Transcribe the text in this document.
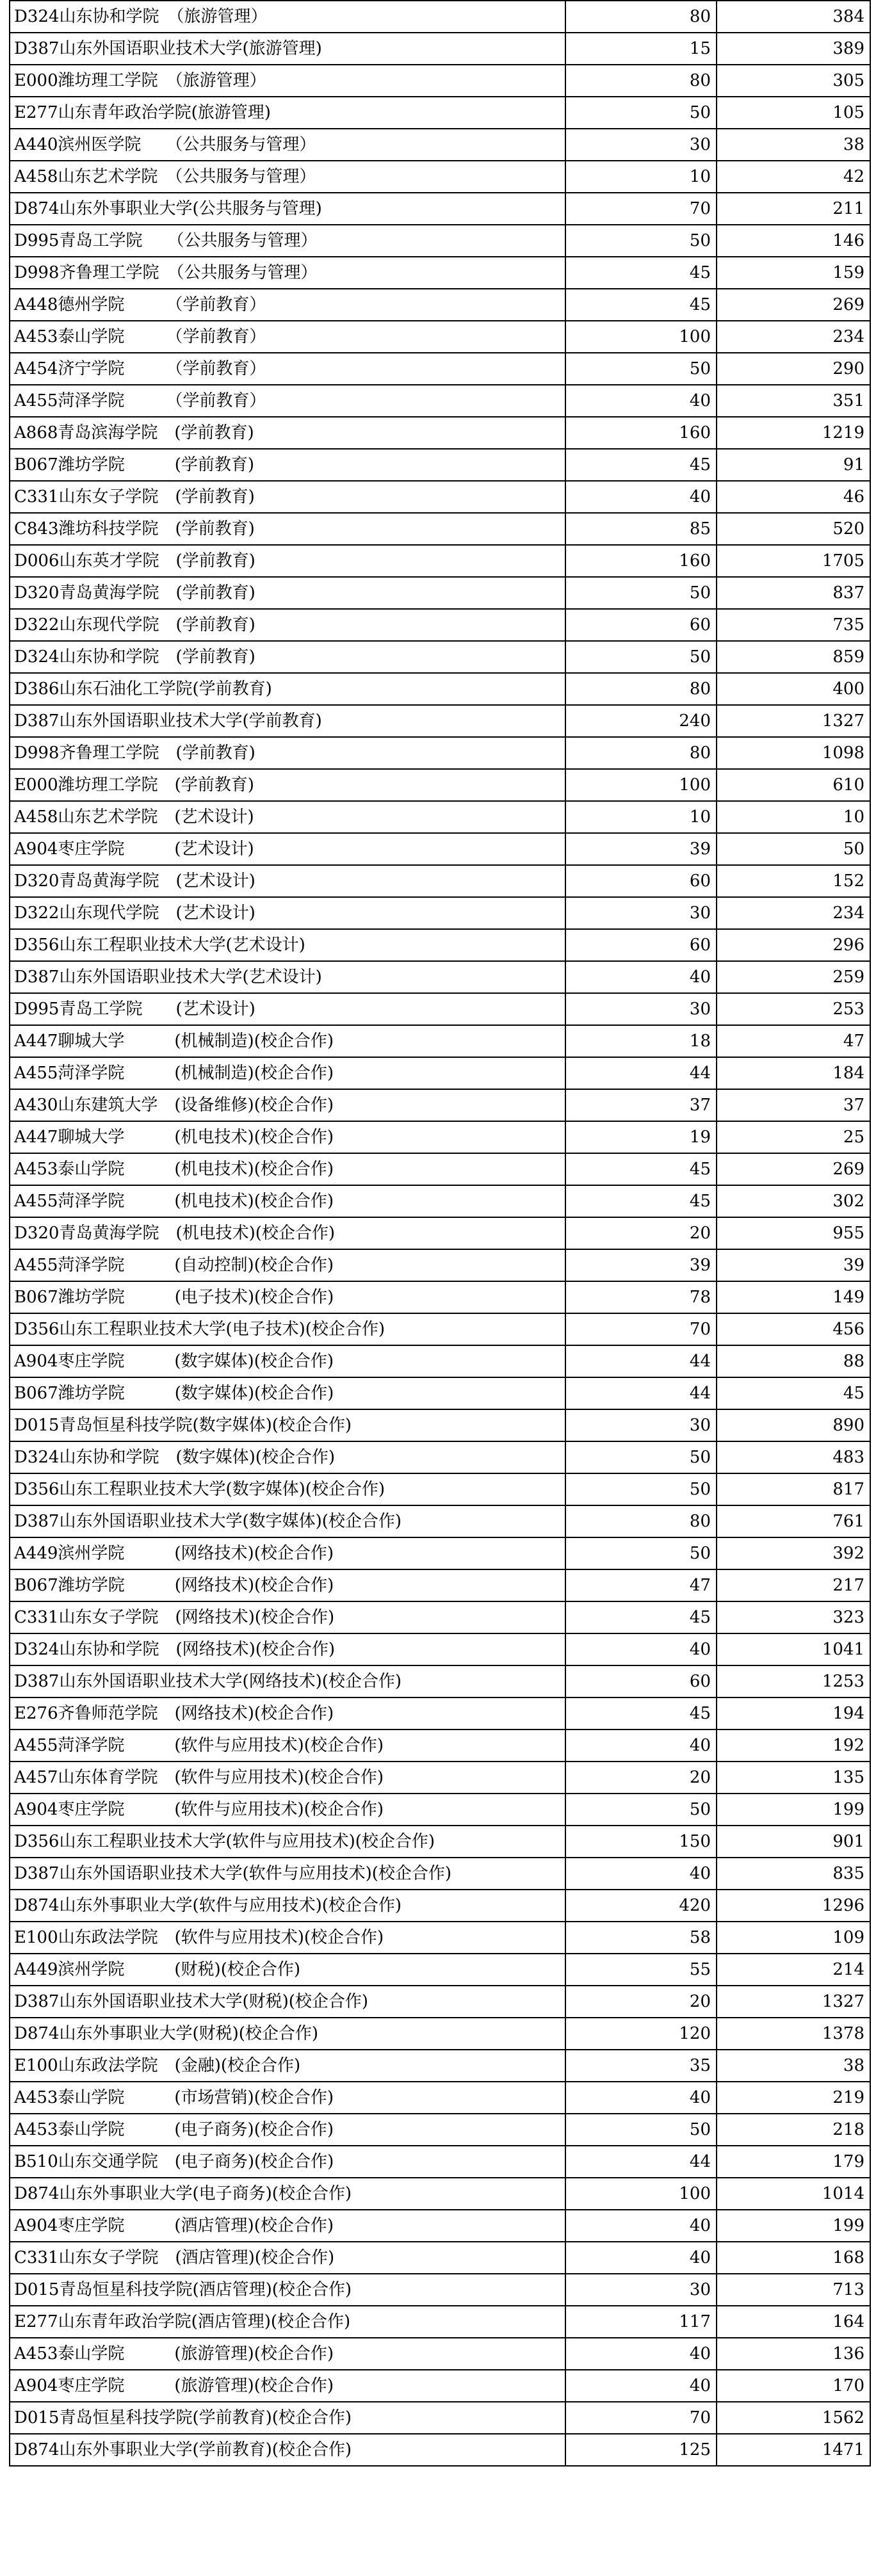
D324山东协和学院　（旅游管理）	80	384
D387山东外国语职业技术大学(旅游管理)	15	389
E000潍坊理工学院　（旅游管理）	80	305
E277山东青年政治学院(旅游管理)	50	105
A440滨州医学院　　（公共服务与管理）	30	38
A458山东艺术学院　（公共服务与管理）	10	42
D874山东外事职业大学(公共服务与管理)	70	211
D995青岛工学院　　（公共服务与管理）	50	146
D998齐鲁理工学院　（公共服务与管理）	45	159
A448德州学院　　　（学前教育）	45	269
A453泰山学院　　　（学前教育）	100	234
A454济宁学院　　　（学前教育）	50	290
A455菏泽学院　　　（学前教育）	40	351
A868青岛滨海学院　(学前教育)	160	1219
B067潍坊学院　　　(学前教育)	45	91
C331山东女子学院　(学前教育)	40	46
C843潍坊科技学院　(学前教育)	85	520
D006山东英才学院　(学前教育)	160	1705
D320青岛黄海学院　(学前教育)	50	837
D322山东现代学院　(学前教育)	60	735
D324山东协和学院　(学前教育)	50	859
D386山东石油化工学院(学前教育)	80	400
D387山东外国语职业技术大学(学前教育)	240	1327
D998齐鲁理工学院　(学前教育)	80	1098
E000潍坊理工学院　(学前教育)	100	610
A458山东艺术学院　(艺术设计)	10	10
A904枣庄学院　　　(艺术设计)	39	50
D320青岛黄海学院　(艺术设计)	60	152
D322山东现代学院　(艺术设计)	30	234
D356山东工程职业技术大学(艺术设计)	60	296
D387山东外国语职业技术大学(艺术设计)	40	259
D995青岛工学院　　(艺术设计)	30	253
A447聊城大学　　　(机械制造)(校企合作)	18	47
A455菏泽学院　　　(机械制造)(校企合作)	44	184
A430山东建筑大学　(设备维修)(校企合作)	37	37
A447聊城大学　　　(机电技术)(校企合作)	19	25
A453泰山学院　　　(机电技术)(校企合作)	45	269
A455菏泽学院　　　(机电技术)(校企合作)	45	302
D320青岛黄海学院　(机电技术)(校企合作)	20	955
A455菏泽学院　　　(自动控制)(校企合作)	39	39
B067潍坊学院　　　(电子技术)(校企合作)	78	149
D356山东工程职业技术大学(电子技术)(校企合作)	70	456
A904枣庄学院　　　(数字媒体)(校企合作)	44	88
B067潍坊学院　　　(数字媒体)(校企合作)	44	45
D015青岛恒星科技学院(数字媒体)(校企合作)	30	890
D324山东协和学院　(数字媒体)(校企合作)	50	483
D356山东工程职业技术大学(数字媒体)(校企合作)	50	817
D387山东外国语职业技术大学(数字媒体)(校企合作)	80	761
A449滨州学院　　　(网络技术)(校企合作)	50	392
B067潍坊学院　　　(网络技术)(校企合作)	47	217
C331山东女子学院　(网络技术)(校企合作)	45	323
D324山东协和学院　(网络技术)(校企合作)	40	1041
D387山东外国语职业技术大学(网络技术)(校企合作)	60	1253
E276齐鲁师范学院　(网络技术)(校企合作)	45	194
A455菏泽学院　　　(软件与应用技术)(校企合作)	40	192
A457山东体育学院　(软件与应用技术)(校企合作)	20	135
A904枣庄学院　　　(软件与应用技术)(校企合作)	50	199
D356山东工程职业技术大学(软件与应用技术)(校企合作)	150	901
D387山东外国语职业技术大学(软件与应用技术)(校企合作)	40	835
D874山东外事职业大学(软件与应用技术)(校企合作)	420	1296
E100山东政法学院　(软件与应用技术)(校企合作)	58	109
A449滨州学院　　　(财税)(校企合作)	55	214
D387山东外国语职业技术大学(财税)(校企合作)	20	1327
D874山东外事职业大学(财税)(校企合作)	120	1378
E100山东政法学院　(金融)(校企合作)	35	38
A453泰山学院　　　(市场营销)(校企合作)	40	219
A453泰山学院　　　(电子商务)(校企合作)	50	218
B510山东交通学院　(电子商务)(校企合作)	44	179
D874山东外事职业大学(电子商务)(校企合作)	100	1014
A904枣庄学院　　　(酒店管理)(校企合作)	40	199
C331山东女子学院　(酒店管理)(校企合作)	40	168
D015青岛恒星科技学院(酒店管理)(校企合作)	30	713
E277山东青年政治学院(酒店管理)(校企合作)	117	164
A453泰山学院　　　(旅游管理)(校企合作)	40	136
A904枣庄学院　　　(旅游管理)(校企合作)	40	170
D015青岛恒星科技学院(学前教育)(校企合作)	70	1562
D874山东外事职业大学(学前教育)(校企合作)	125	1471
